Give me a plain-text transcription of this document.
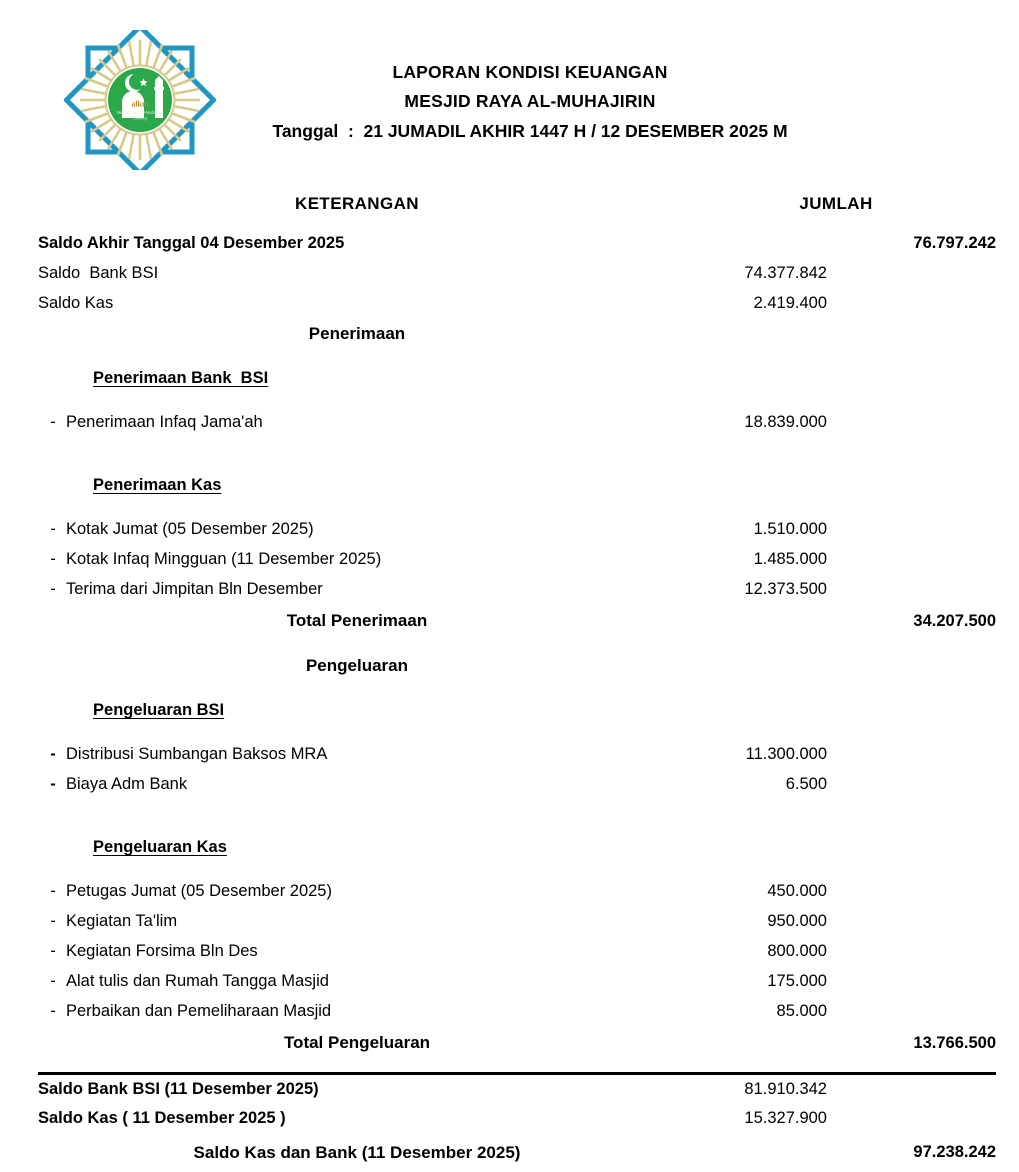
alkm
Mesjid Raya Al-Muhajirin
Cibinong
LAPORAN KONDISI KEUANGAN
MESJID RAYA AL-MUHAJIRIN
Tanggal  :  21 JUMADIL AKHIR 1447 H / 12 DESEMBER 2025 M
KETERANGAN	JUMLAH	
Saldo Akhir Tanggal 04 Desember 2025		76.797.242
Saldo  Bank BSI	74.377.842	
Saldo Kas	2.419.400	
Penerimaan		

Penerimaan Bank  BSI

- Penerimaan Infaq Jama'ah	18.839.000	

Penerimaan Kas

- Kotak Jumat (05 Desember 2025)	1.510.000	

- Kotak Infaq Mingguan (11 Desember 2025)	1.485.000	

- Terima dari Jimpitan Bln Desember	12.373.500	
Total Penerimaan		34.207.500

Pengeluaran		

Pengeluaran BSI

- Distribusi Sumbangan Baksos MRA	11.300.000	

- Biaya Adm Bank	6.500	

Pengeluaran Kas

- Petugas Jumat (05 Desember 2025)	450.000	

- Kegiatan Ta'lim	950.000	

- Kegiatan Forsima Bln Des	800.000	

- Alat tulis dan Rumah Tangga Masjid	175.000	

- Perbaikan dan Pemeliharaan Masjid	85.000	
Total Pengeluaran		13.766.500

Saldo Bank BSI (11 Desember 2025)	81.910.342	
Saldo Kas ( 11 Desember 2025 )	15.327.900	
Saldo Kas dan Bank (11 Desember 2025)		97.238.242
